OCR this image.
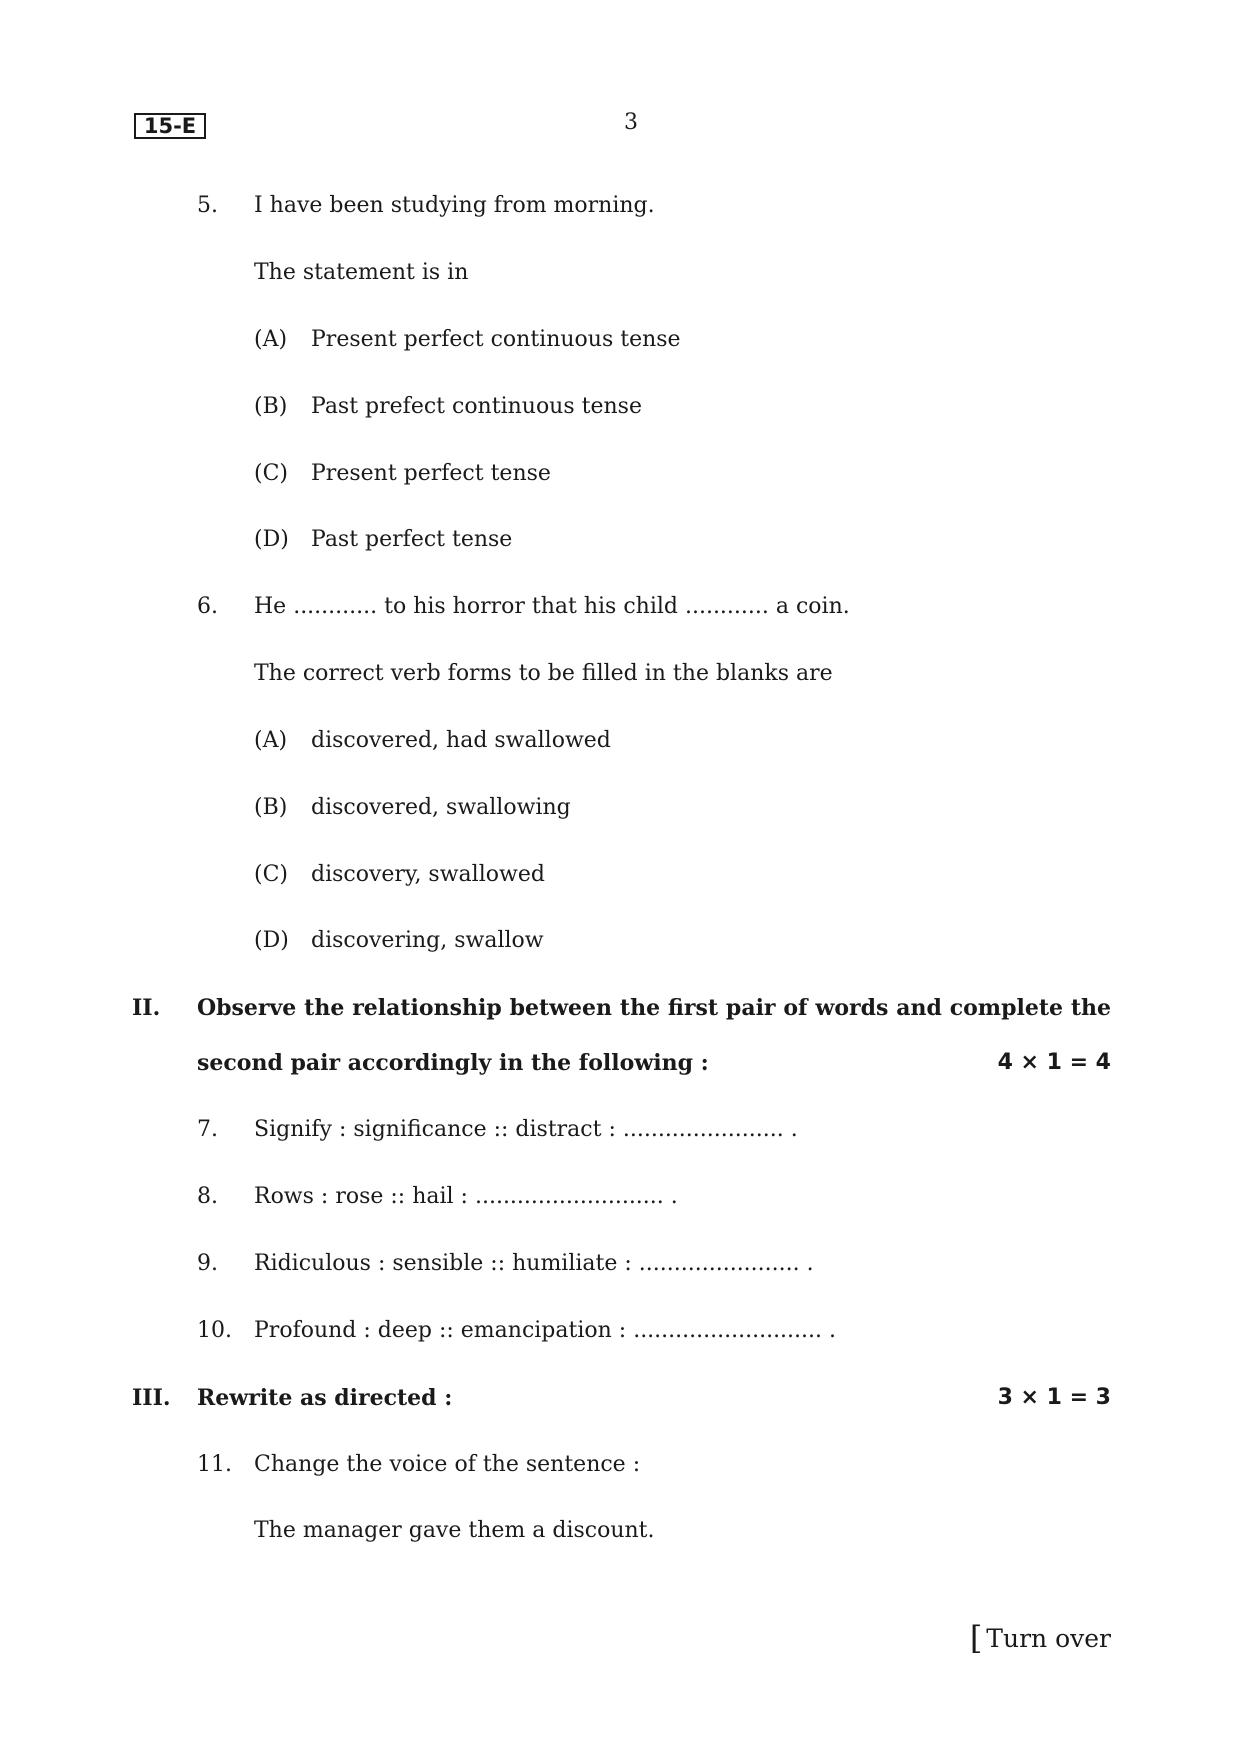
15-E	3
5. I have been studying from morning.
The statement is in
(A) Present perfect continuous tense
(B) Past prefect continuous tense
(C) Present perfect tense
(D) Past perfect tense
6. He ............ to his horror that his child ............ a coin.
The correct verb forms to be filled in the blanks are
(A) discovered, had swallowed
(B) discovered, swallowing
(C) discovery, swallowed
(D) discovering, swallow
II. Observe the relationship between the first pair of words and complete the
second pair accordingly in the following :	4 × 1 = 4
7. Signify : significance :: distract : ....................... .
8. Rows : rose :: hail : ........................... .
9. Ridiculous : sensible :: humiliate : ....................... .
10. Profound : deep :: emancipation : ........................... .
III. Rewrite as directed :	3 × 1 = 3
11. Change the voice of the sentence :
The manager gave them a discount.
[ Turn over
